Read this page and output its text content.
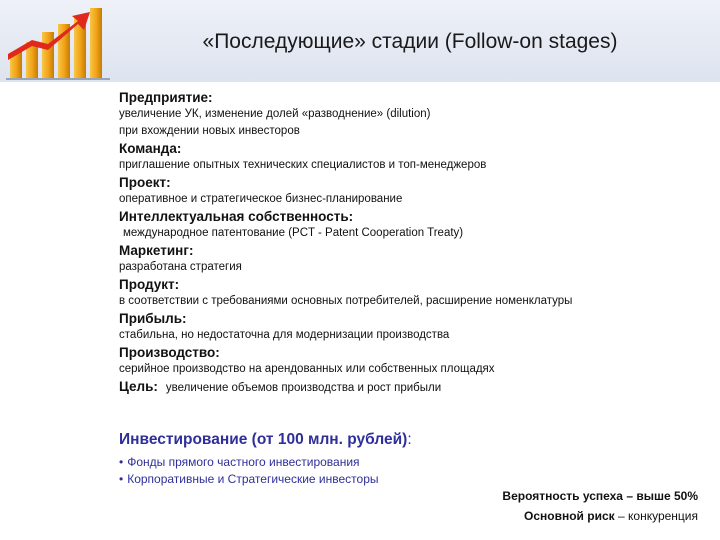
«Последующие» стадии (Follow-on stages)
Предприятие:
увеличение УК, изменение долей «разводнение» (dilution)
при вхождении новых инвесторов
Команда:
приглашение опытных технических специалистов и топ-менеджеров
Проект:
оперативное и стратегическое бизнес-планирование
Интеллектуальная собственность:
международное патентование (PCT - Patent Cooperation Treaty)
Маркетинг:
разработана стратегия
Продукт:
в соответствии с требованиями основных потребителей, расширение номенклатуры
Прибыль:
стабильна, но недостаточна для модернизации производства
Производство:
серийное производство на арендованных или собственных площадях
Цель: увеличение объемов производства и рост прибыли
Инвестирование (от 100 млн. рублей):
• Фонды прямого частного инвестирования
• Корпоративные и Стратегические инвесторы
Вероятность успеха – выше 50%
Основной риск – конкуренция
